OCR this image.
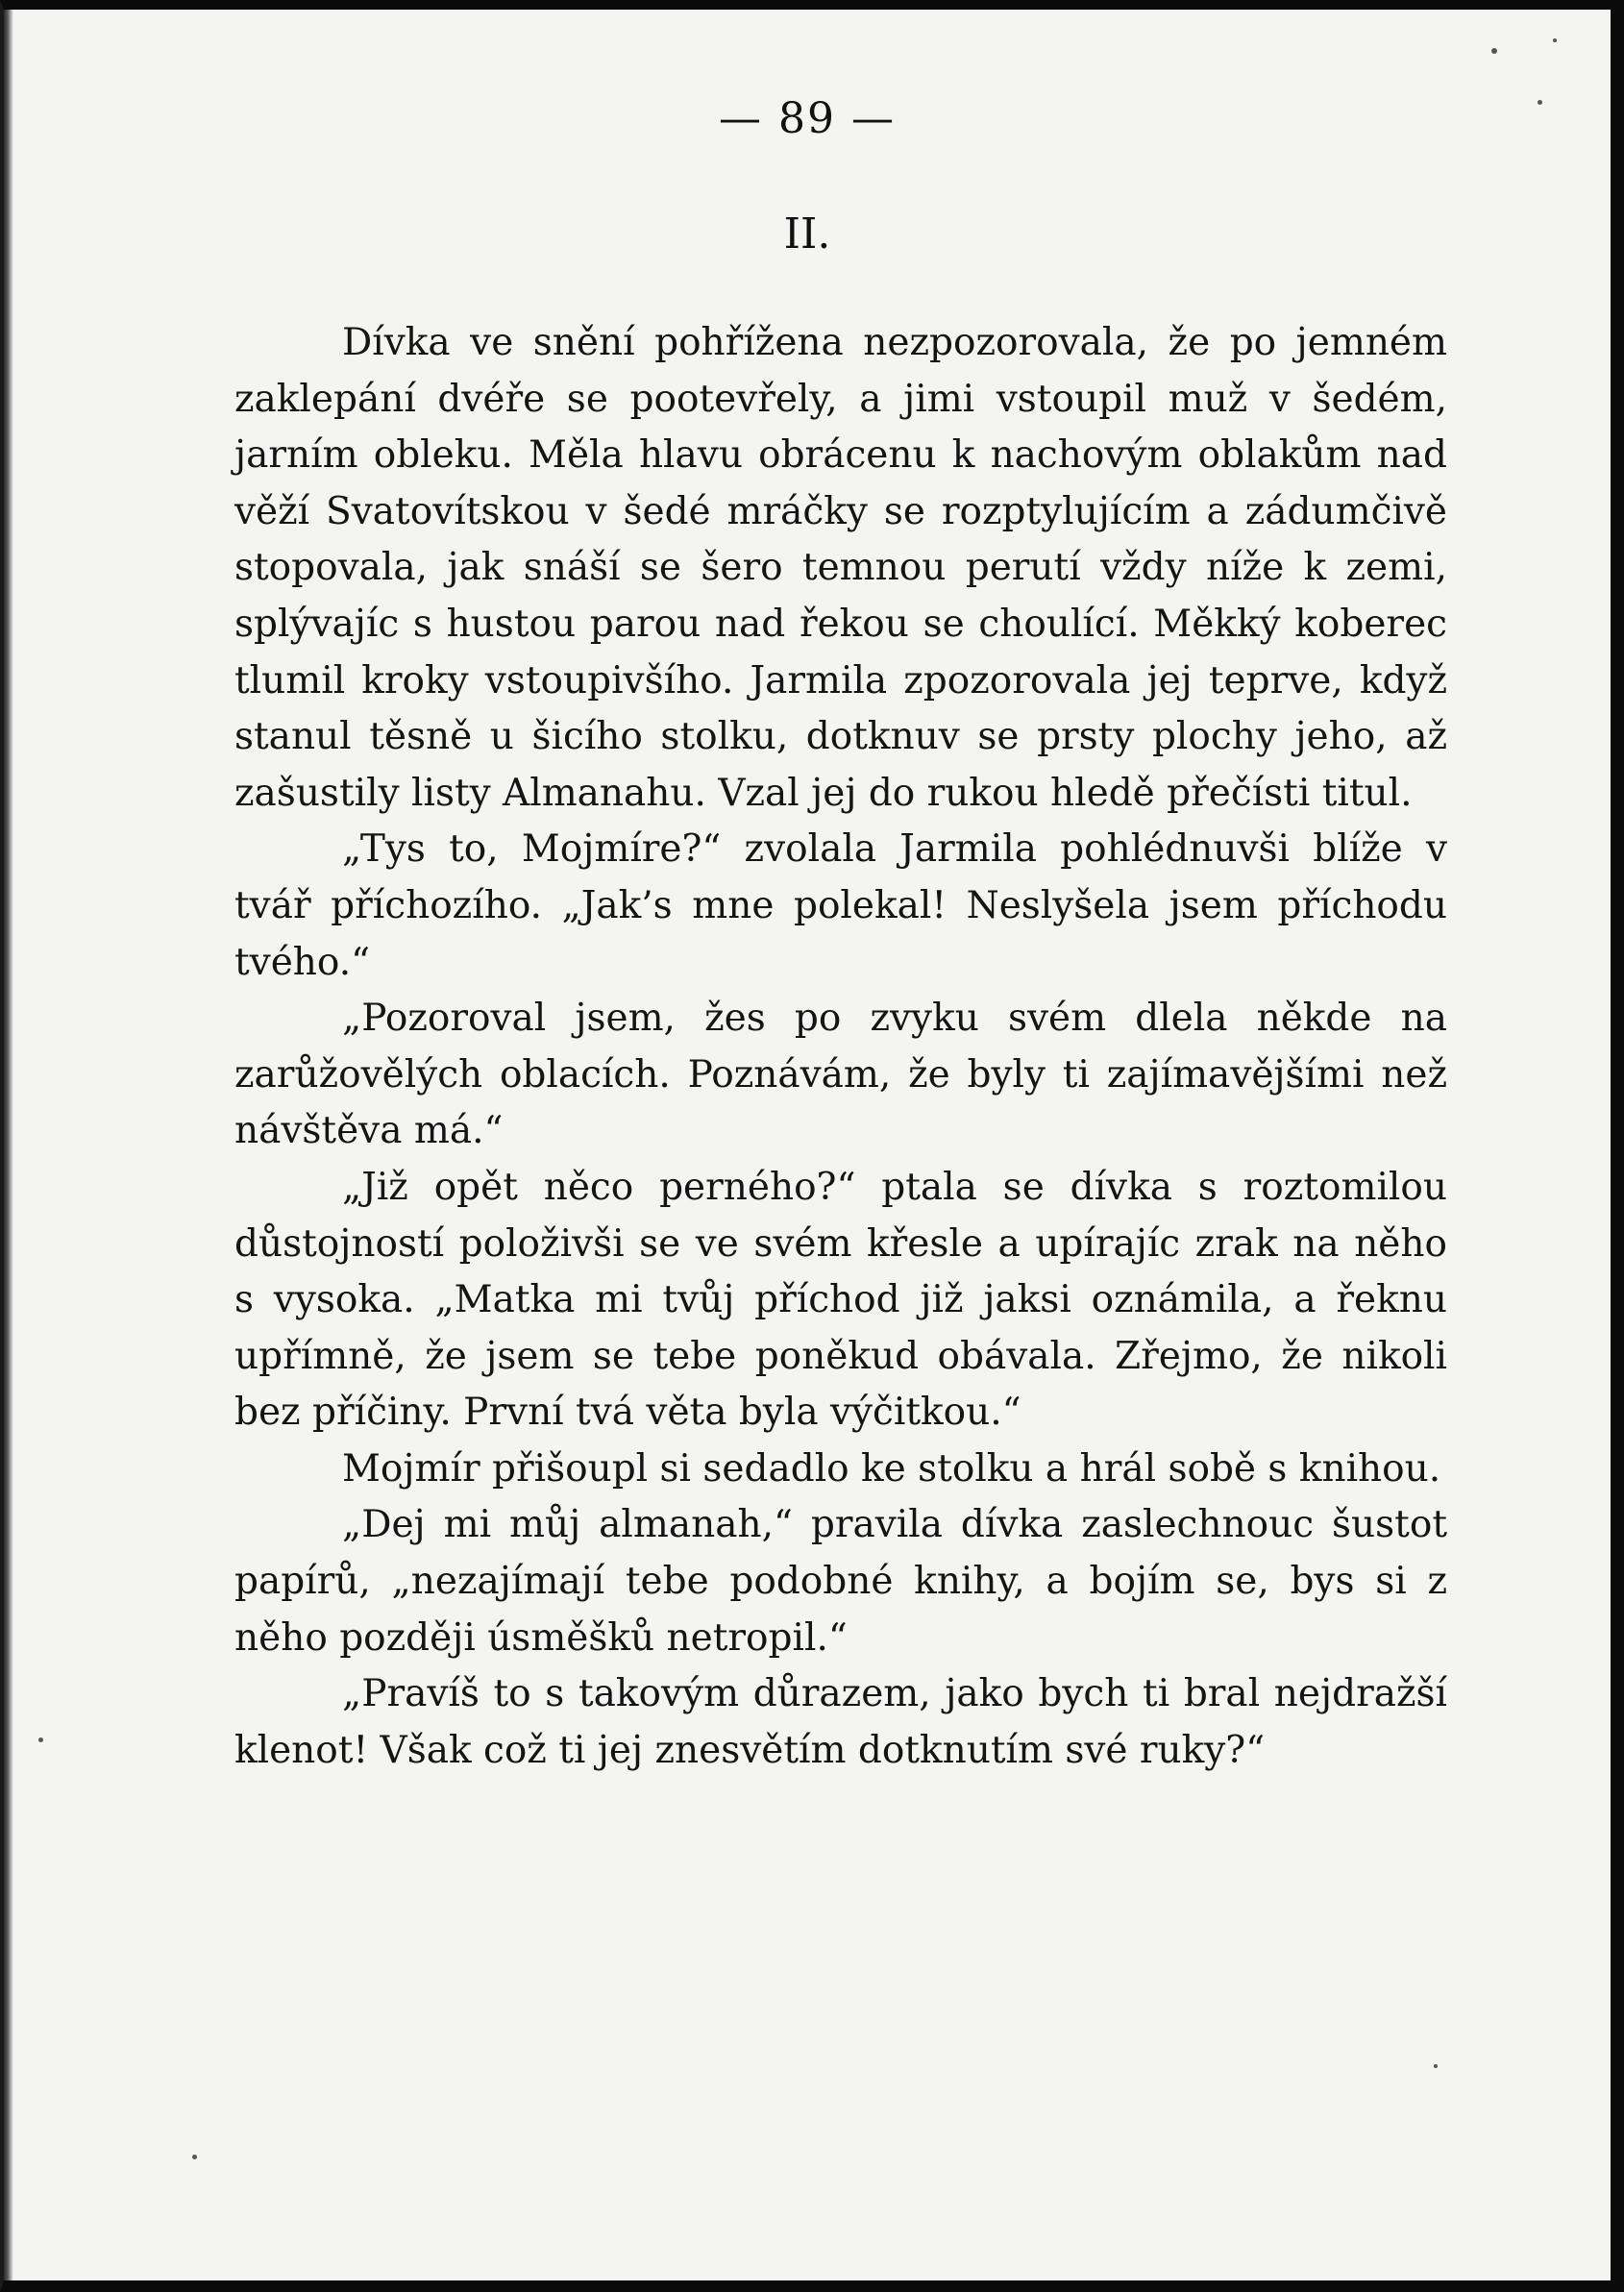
— 89 —
II.

Dívka ve snění pohřížena nezpozorovala, že po jemném zaklepání dvéře se pootevřely, a jimi vstoupil muž v šedém, jarním obleku. Měla hlavu obrácenu k nachovým oblakům nad věží Svatovítskou v šedé mráčky se rozptylujícím a zádumčivě stopovala, jak snáší se šero temnou perutí vždy níže k zemi, splývajíc s hustou parou nad řekou se choulící. Měkký koberec tlumil kroky vstoupivšího. Jarmila zpozorovala jej teprve, když stanul těsně u šicího stolku, dotknuv se prsty plochy jeho, až zašustily listy Almanahu. Vzal jej do rukou hledě přečísti titul.

„Tys to, Mojmíre?“ zvolala Jarmila pohlédnuvši blíže v tvář příchozího. „Jak’s mne polekal! Neslyšela jsem příchodu tvého.“

„Pozoroval jsem, žes po zvyku svém dlela někde na zarůžovělých oblacích. Poznávám, že byly ti zajímavějšími než návštěva má.“

„Již opět něco perného?“ ptala se dívka s roztomilou důstojností položivši se ve svém křesle a upírajíc zrak na něho s vysoka. „Matka mi tvůj příchod již jaksi oznámila, a řeknu upřímně, že jsem se tebe poněkud obávala. Zřejmo, že nikoli bez příčiny. První tvá věta byla výčitkou.“

Mojmír přišoupl si sedadlo ke stolku a hrál sobě s knihou.

„Dej mi můj almanah,“ pravila dívka zaslechnouc šustot papírů, „nezajímají tebe podobné knihy, a bojím se, bys si z něho později úsměšků netropil.“

„Pravíš to s takovým důrazem, jako bych ti bral nejdražší klenot! Však což ti jej znesvětím dotknutím své ruky?“
